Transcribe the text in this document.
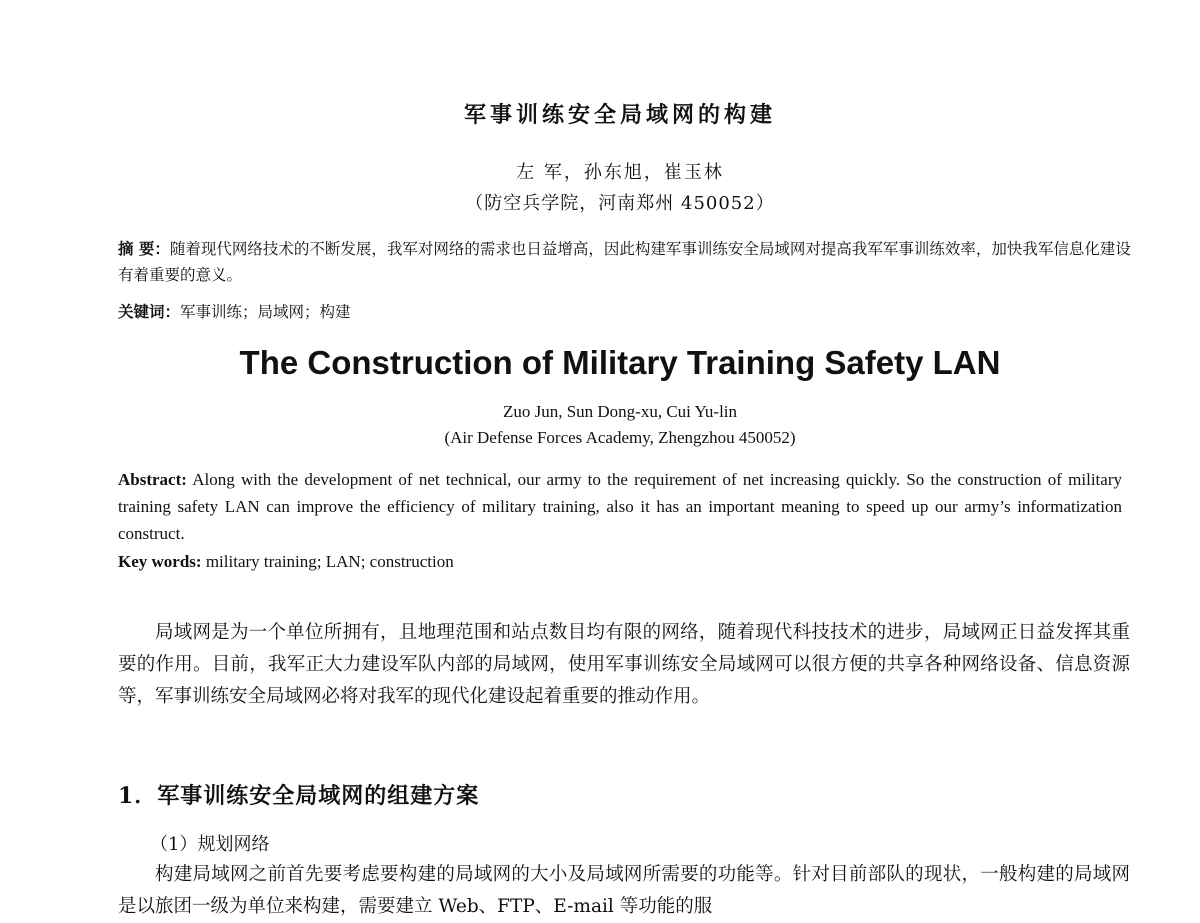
军事训练安全局域网的构建

左 军，孙东旭，崔玉林

（防空兵学院，河南郑州 450052）

摘 要：随着现代网络技术的不断发展，我军对网络的需求也日益增高，因此构建军事训练安全局域网对提高我军军事训练效率，加快我军信息化建设有着重要的意义。

关键词：军事训练；局域网；构建

The Construction of Military Training Safety LAN

Zuo Jun, Sun Dong-xu, Cui Yu-lin

(Air Defense Forces Academy, Zhengzhou 450052)

Abstract: Along with the development of net technical, our army to the requirement of net increasing quickly. So the construction of military training safety LAN can improve the efficiency of military training, also it has an important meaning to speed up our army’s informatization construct.

Key words: military training; LAN; construction

局域网是为一个单位所拥有，且地理范围和站点数目均有限的网络，随着现代科技技术的进步，局域网正日益发挥其重要的作用。目前，我军正大力建设军队内部的局域网，使用军事训练安全局域网可以很方便的共享各种网络设备、信息资源等，军事训练安全局域网必将对我军的现代化建设起着重要的推动作用。

1．军事训练安全局域网的组建方案

（1）规划网络

构建局域网之前首先要考虑要构建的局域网的大小及局域网所需要的功能等。针对目前部队的现状，一般构建的局域网是以旅团一级为单位来构建，需要建立 Web、FTP、E-mail 等功能的服
